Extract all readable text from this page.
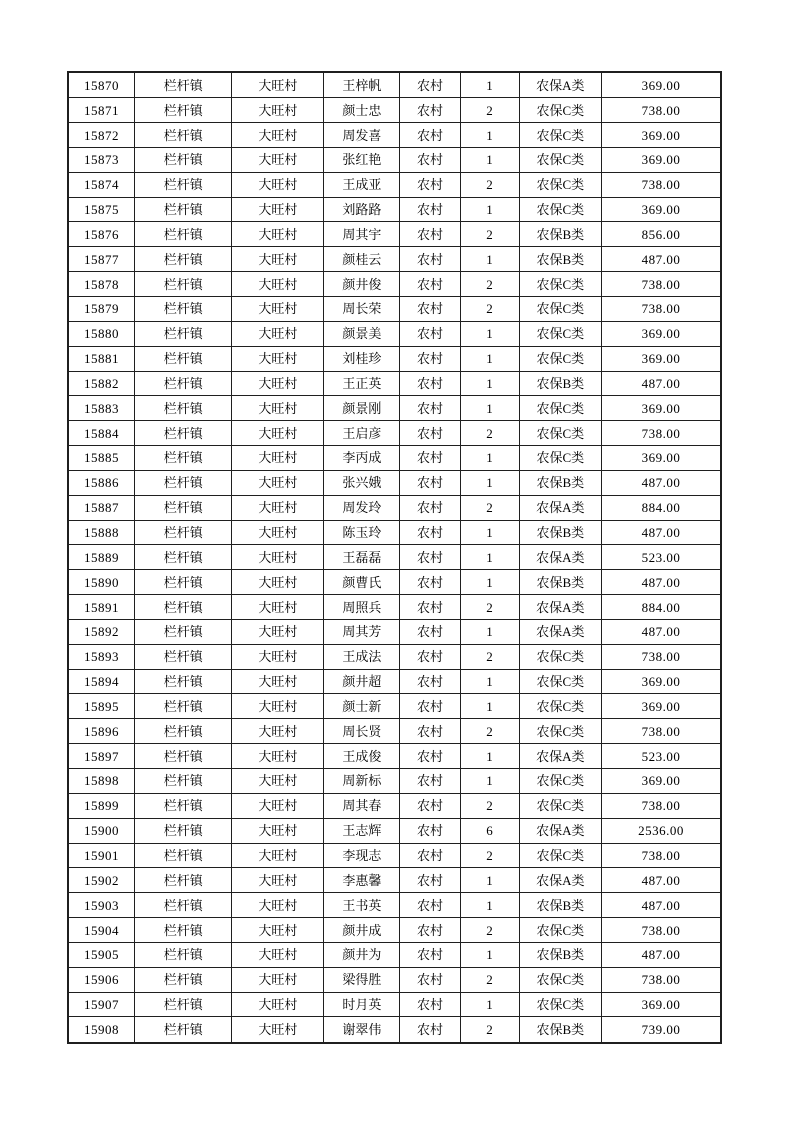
15870	栏杆镇	大旺村	王梓帆	农村	1	农保A类	369.00
15871	栏杆镇	大旺村	颜士忠	农村	2	农保C类	738.00
15872	栏杆镇	大旺村	周发喜	农村	1	农保C类	369.00
15873	栏杆镇	大旺村	张红艳	农村	1	农保C类	369.00
15874	栏杆镇	大旺村	王成亚	农村	2	农保C类	738.00
15875	栏杆镇	大旺村	刘路路	农村	1	农保C类	369.00
15876	栏杆镇	大旺村	周其宇	农村	2	农保B类	856.00
15877	栏杆镇	大旺村	颜桂云	农村	1	农保B类	487.00
15878	栏杆镇	大旺村	颜井俊	农村	2	农保C类	738.00
15879	栏杆镇	大旺村	周长荣	农村	2	农保C类	738.00
15880	栏杆镇	大旺村	颜景美	农村	1	农保C类	369.00
15881	栏杆镇	大旺村	刘桂珍	农村	1	农保C类	369.00
15882	栏杆镇	大旺村	王正英	农村	1	农保B类	487.00
15883	栏杆镇	大旺村	颜景刚	农村	1	农保C类	369.00
15884	栏杆镇	大旺村	王启彦	农村	2	农保C类	738.00
15885	栏杆镇	大旺村	李丙成	农村	1	农保C类	369.00
15886	栏杆镇	大旺村	张兴娥	农村	1	农保B类	487.00
15887	栏杆镇	大旺村	周发玲	农村	2	农保A类	884.00
15888	栏杆镇	大旺村	陈玉玲	农村	1	农保B类	487.00
15889	栏杆镇	大旺村	王磊磊	农村	1	农保A类	523.00
15890	栏杆镇	大旺村	颜曹氏	农村	1	农保B类	487.00
15891	栏杆镇	大旺村	周照兵	农村	2	农保A类	884.00
15892	栏杆镇	大旺村	周其芳	农村	1	农保A类	487.00
15893	栏杆镇	大旺村	王成法	农村	2	农保C类	738.00
15894	栏杆镇	大旺村	颜井超	农村	1	农保C类	369.00
15895	栏杆镇	大旺村	颜士新	农村	1	农保C类	369.00
15896	栏杆镇	大旺村	周长贤	农村	2	农保C类	738.00
15897	栏杆镇	大旺村	王成俊	农村	1	农保A类	523.00
15898	栏杆镇	大旺村	周新标	农村	1	农保C类	369.00
15899	栏杆镇	大旺村	周其春	农村	2	农保C类	738.00
15900	栏杆镇	大旺村	王志辉	农村	6	农保A类	2536.00
15901	栏杆镇	大旺村	李现志	农村	2	农保C类	738.00
15902	栏杆镇	大旺村	李惠馨	农村	1	农保A类	487.00
15903	栏杆镇	大旺村	王书英	农村	1	农保B类	487.00
15904	栏杆镇	大旺村	颜井成	农村	2	农保C类	738.00
15905	栏杆镇	大旺村	颜井为	农村	1	农保B类	487.00
15906	栏杆镇	大旺村	梁得胜	农村	2	农保C类	738.00
15907	栏杆镇	大旺村	时月英	农村	1	农保C类	369.00
15908	栏杆镇	大旺村	谢翠伟	农村	2	农保B类	739.00
